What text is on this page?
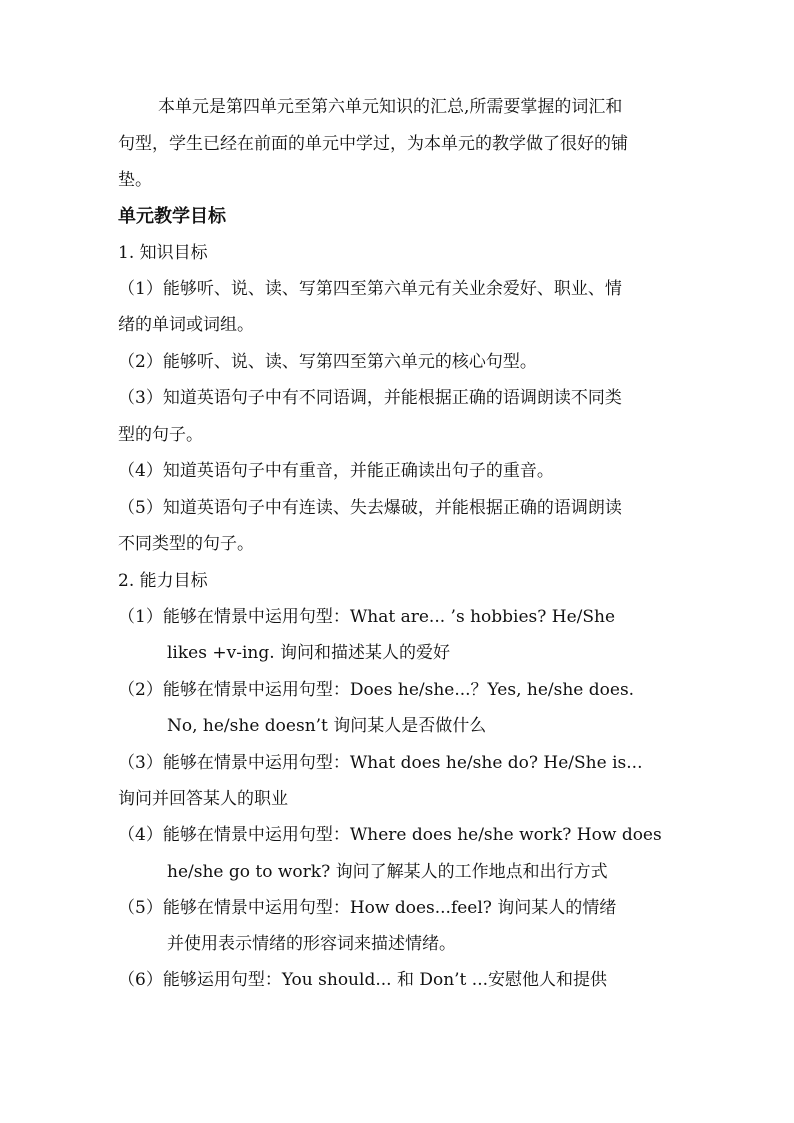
本单元是第四单元至第六单元知识的汇总,所需要掌握的词汇和
句型，学生已经在前面的单元中学过，为本单元的教学做了很好的铺
垫。
单元教学目标
1. 知识目标
（1）能够听、说、读、写第四至第六单元有关业余爱好、职业、情
绪的单词或词组。
（2）能够听、说、读、写第四至第六单元的核心句型。
（3）知道英语句子中有不同语调，并能根据正确的语调朗读不同类
型的句子。
（4）知道英语句子中有重音，并能正确读出句子的重音。
（5）知道英语句子中有连读、失去爆破，并能根据正确的语调朗读
不同类型的句子。
2. 能力目标
（1）能够在情景中运用句型：What are... ’s hobbies? He/She
likes +v-ing. 询问和描述某人的爱好
（2）能够在情景中运用句型：Does he/she...？Yes, he/she does.
No, he/she doesn’t 询问某人是否做什么
（3）能够在情景中运用句型：What does he/she do? He/She is...
询问并回答某人的职业
（4）能够在情景中运用句型：Where does he/she work? How does
he/she go to work? 询问了解某人的工作地点和出行方式
（5）能够在情景中运用句型：How does...feel? 询问某人的情绪
并使用表示情绪的形容词来描述情绪。
（6）能够运用句型：You should... 和 Don’t ...安慰他人和提供
